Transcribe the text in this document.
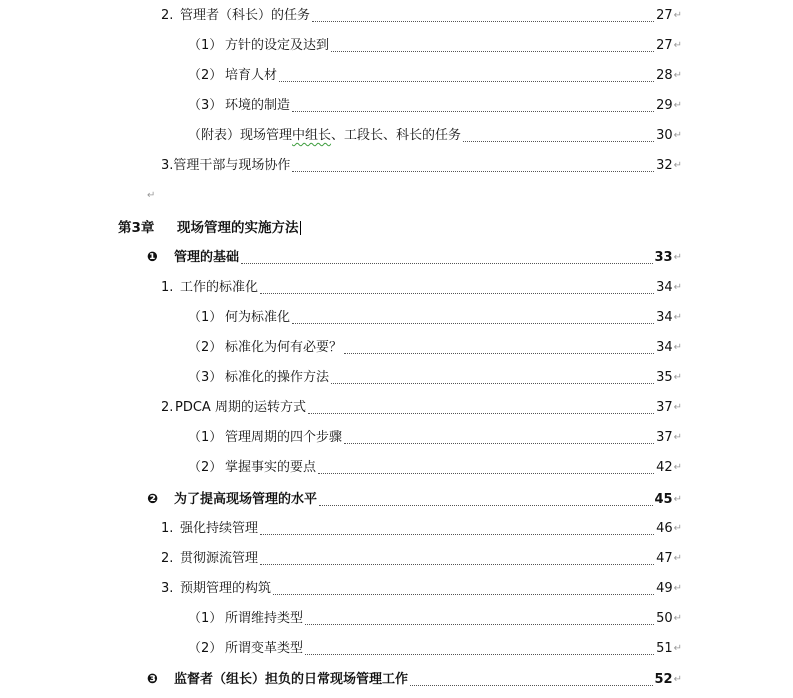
2. 管理者（科长）的任务	27 ↵
（1） 方针的设定及达到	27 ↵
（2） 培育人材	28 ↵
（3） 环境的制造	29 ↵
（附表）现场管理中组长、工段长、科长的任务	30 ↵
3.管理干部与现场协作	32 ↵
↵
第3章	现场管理的实施方法
❶	管理的基础	33 ↵
1. 工作的标准化	34 ↵
（1） 何为标准化	34 ↵
（2） 标准化为何有必要？	34 ↵
（3） 标准化的操作方法	35 ↵
2. PDCA 周期的运转方式	37 ↵
（1） 管理周期的四个步骤	37 ↵
（2） 掌握事实的要点	42 ↵
❷	为了提高现场管理的水平	45 ↵
1. 强化持续管理	46 ↵
2. 贯彻源流管理	47 ↵
3. 预期管理的构筑	49 ↵
（1） 所谓维持类型	50 ↵
（2） 所谓变革类型	51 ↵
❸	监督者（组长）担负的日常现场管理工作	52 ↵
